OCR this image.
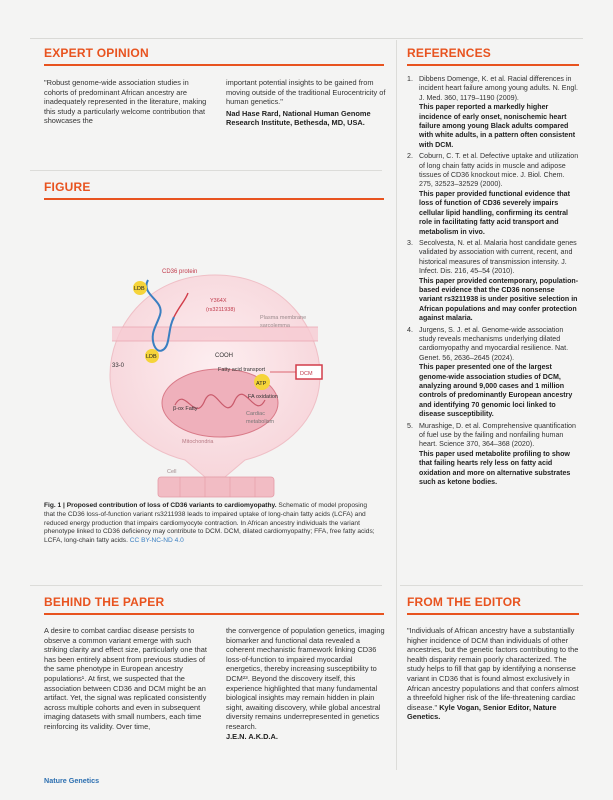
EXPERT OPINION

"Robust genome-wide association studies in cohorts of predominant African ancestry are inadequately represented in the literature, making this study a particularly welcome contribution that showcases the

important potential insights to be gained from moving outside of the traditional Eurocentricity of human genetics."

Nad Hase Rard, National Human Genome Research Institute, Bethesda, MD, USA.

FIGURE
CD36 protein
LDB
Y364X
(rs3211938)
LDB	COOH
33-0
Plasma membrane
sarcolemma
DCM
Fatty acid transport
ATP
FA oxidation
Cardiac
metabolism
β-ox Fatty
Mitochondria
Cell
Fig. 1 | Proposed contribution of loss of CD36 variants to cardiomyopathy. Schematic of model proposing that the CD36 loss-of-function variant rs3211938 leads to impaired uptake of long-chain fatty acids (LCFA) and reduced energy production that impairs cardiomyocyte contraction. In African ancestry individuals the variant phenotype linked to CD36 deficiency may contribute to DCM. DCM, dilated cardiomyopathy; FFA, free fatty acids; LCFA, long-chain fatty acids. CC BY-NC-ND 4.0
REFERENCES
1. Dibbens Domenge, K. et al. Racial differences in incident heart failure among young adults. N. Engl. J. Med. 360, 1179–1190 (2009).
This paper reported a markedly higher incidence of early onset, nonischemic heart failure among young Black adults compared with white adults, in a pattern often consistent with DCM.
2. Coburn, C. T. et al. Defective uptake and utilization of long chain fatty acids in muscle and adipose tissues of CD36 knockout mice. J. Biol. Chem. 275, 32523–32529 (2000).
This paper provided functional evidence that loss of function of CD36 severely impairs cellular lipid handling, confirming its central role in facilitating fatty acid transport and metabolism in vivo.
3. Secolvesta, N. et al. Malaria host candidate genes validated by association with current, recent, and historical measures of transmission intensity. J. Infect. Dis. 216, 45–54 (2010).
This paper provided contemporary, population-based evidence that the CD36 nonsense variant rs3211938 is under positive selection in African populations and may confer protection against malaria.
4. Jurgens, S. J. et al. Genome-wide association study reveals mechanisms underlying dilated cardiomyopathy and myocardial resilience. Nat. Genet. 56, 2636–2645 (2024).
This paper presented one of the largest genome-wide association studies of DCM, analyzing around 9,000 cases and 1 million controls of predominantly European ancestry and identifying 70 genomic loci linked to disease susceptibility.
5. Murashige, D. et al. Comprehensive quantification of fuel use by the failing and nonfailing human heart. Science 370, 364–368 (2020).
This paper used metabolite profiling to show that failing hearts rely less on fatty acid oxidation and more on alternative substrates such as ketone bodies.
BEHIND THE PAPER

A desire to combat cardiac disease persists to observe a common variant emerge with such striking clarity and effect size, particularly one that has been entirely absent from previous studies of the same phenotype in European ancestry populations¹. At first, we suspected that the association between CD36 and DCM might be an artifact. Yet, the signal was replicated consistently across multiple cohorts and even in subsequent imaging datasets with small numbers, each time reinforcing its validity. Over time,

the convergence of population genetics, imaging biomarker and functional data revealed a coherent mechanistic framework linking CD36 loss-of-function to impaired myocardial energetics, thereby increasing susceptibility to DCM²³. Beyond the discovery itself, this experience highlighted that many fundamental biological insights may remain hidden in plain sight, awaiting discovery, while global ancestral diversity remains underrepresented in genetics research.

J.E.N. A.K.D.A.

FROM THE EDITOR

"Individuals of African ancestry have a substantially higher incidence of DCM than individuals of other ancestries, but the genetic factors contributing to the health disparity remain poorly characterized. The study helps to fill that gap by identifying a nonsense variant in CD36 that is found almost exclusively in African ancestry populations and that confers almost a threefold higher risk of the life-threatening cardiac disease." Kyle Vogan, Senior Editor, Nature Genetics.

Nature Genetics
